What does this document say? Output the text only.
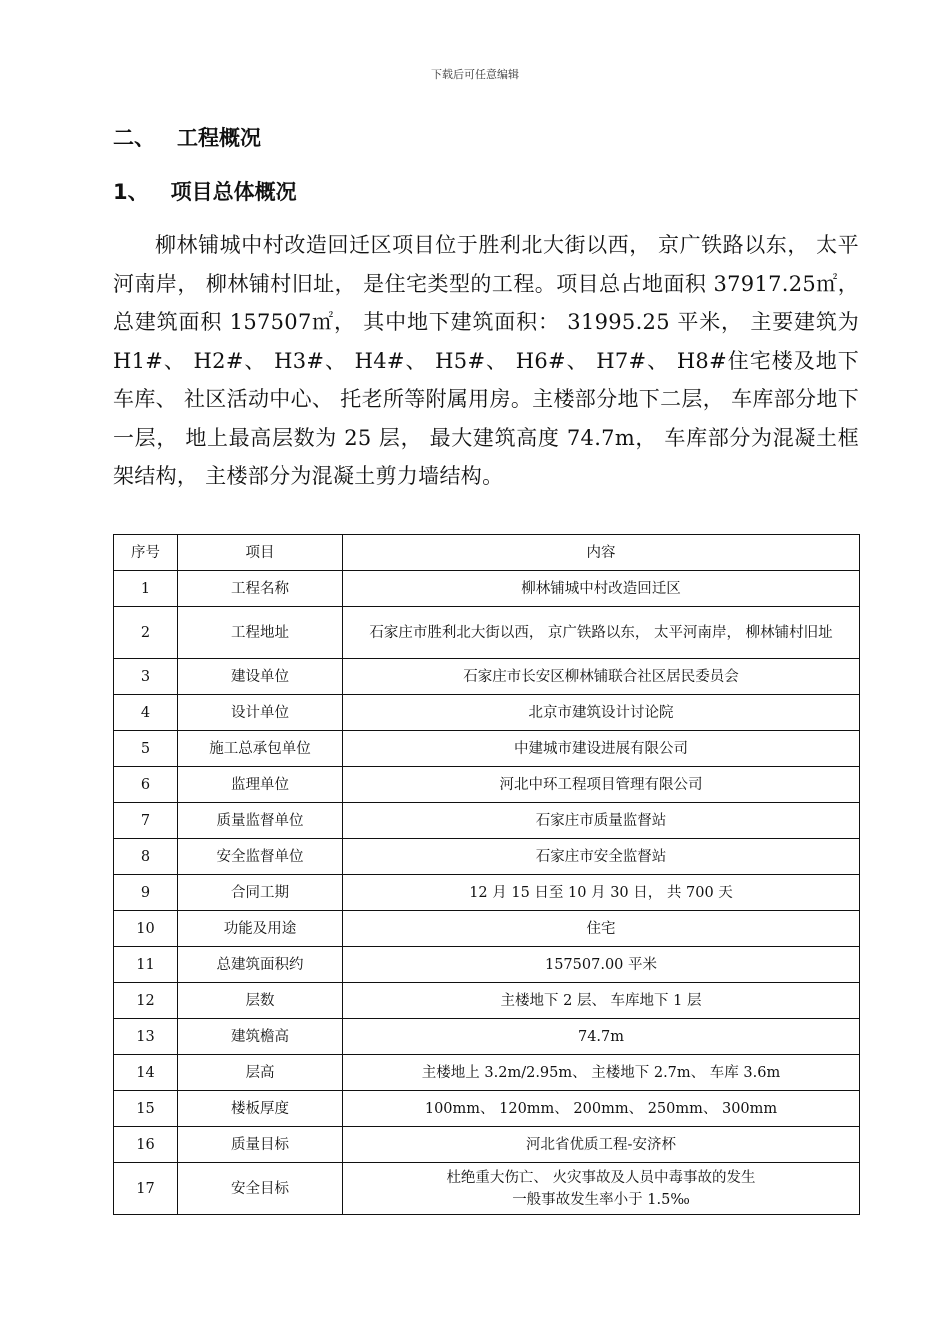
下载后可任意编辑
二、 工程概况
1、 项目总体概况
柳林铺城中村改造回迁区项目位于胜利北大街以西， 京广铁路以东， 太平河南岸， 柳林铺村旧址， 是住宅类型的工程。项目总占地面积 37917.25㎡， 总建筑面积 157507㎡， 其中地下建筑面积： 31995.25 平米， 主要建筑为 H1#、 H2#、 H3#、 H4#、 H5#、 H6#、 H7#、 H8#住宅楼及地下车库、 社区活动中心、 托老所等附属用房。主楼部分地下二层， 车库部分地下一层， 地上最高层数为 25 层， 最大建筑高度 74.7m， 车库部分为混凝土框架结构， 主楼部分为混凝土剪力墙结构。
序号	项目	内容
1	工程名称	柳林铺城中村改造回迁区
2	工程地址	石家庄市胜利北大街以西， 京广铁路以东， 太平河南岸， 柳林铺村旧址
3	建设单位	石家庄市长安区柳林铺联合社区居民委员会
4	设计单位	北京市建筑设计讨论院
5	施工总承包单位	中建城市建设进展有限公司
6	监理单位	河北中环工程项目管理有限公司
7	质量监督单位	石家庄市质量监督站
8	安全监督单位	石家庄市安全监督站
9	合同工期	12 月 15 日至 10 月 30 日， 共 700 天
10	功能及用途	住宅
11	总建筑面积约	157507.00 平米
12	层数	主楼地下 2 层、 车库地下 1 层
13	建筑檐高	74.7m
14	层高	主楼地上 3.2m/2.95m、 主楼地下 2.7m、 车库 3.6m
15	楼板厚度	100mm、 120mm、 200mm、 250mm、 300mm
16	质量目标	河北省优质工程-安济杯
17	安全目标	杜绝重大伤亡、 火灾事故及人员中毒事故的发生
一般事故发生率小于 1.5‰
